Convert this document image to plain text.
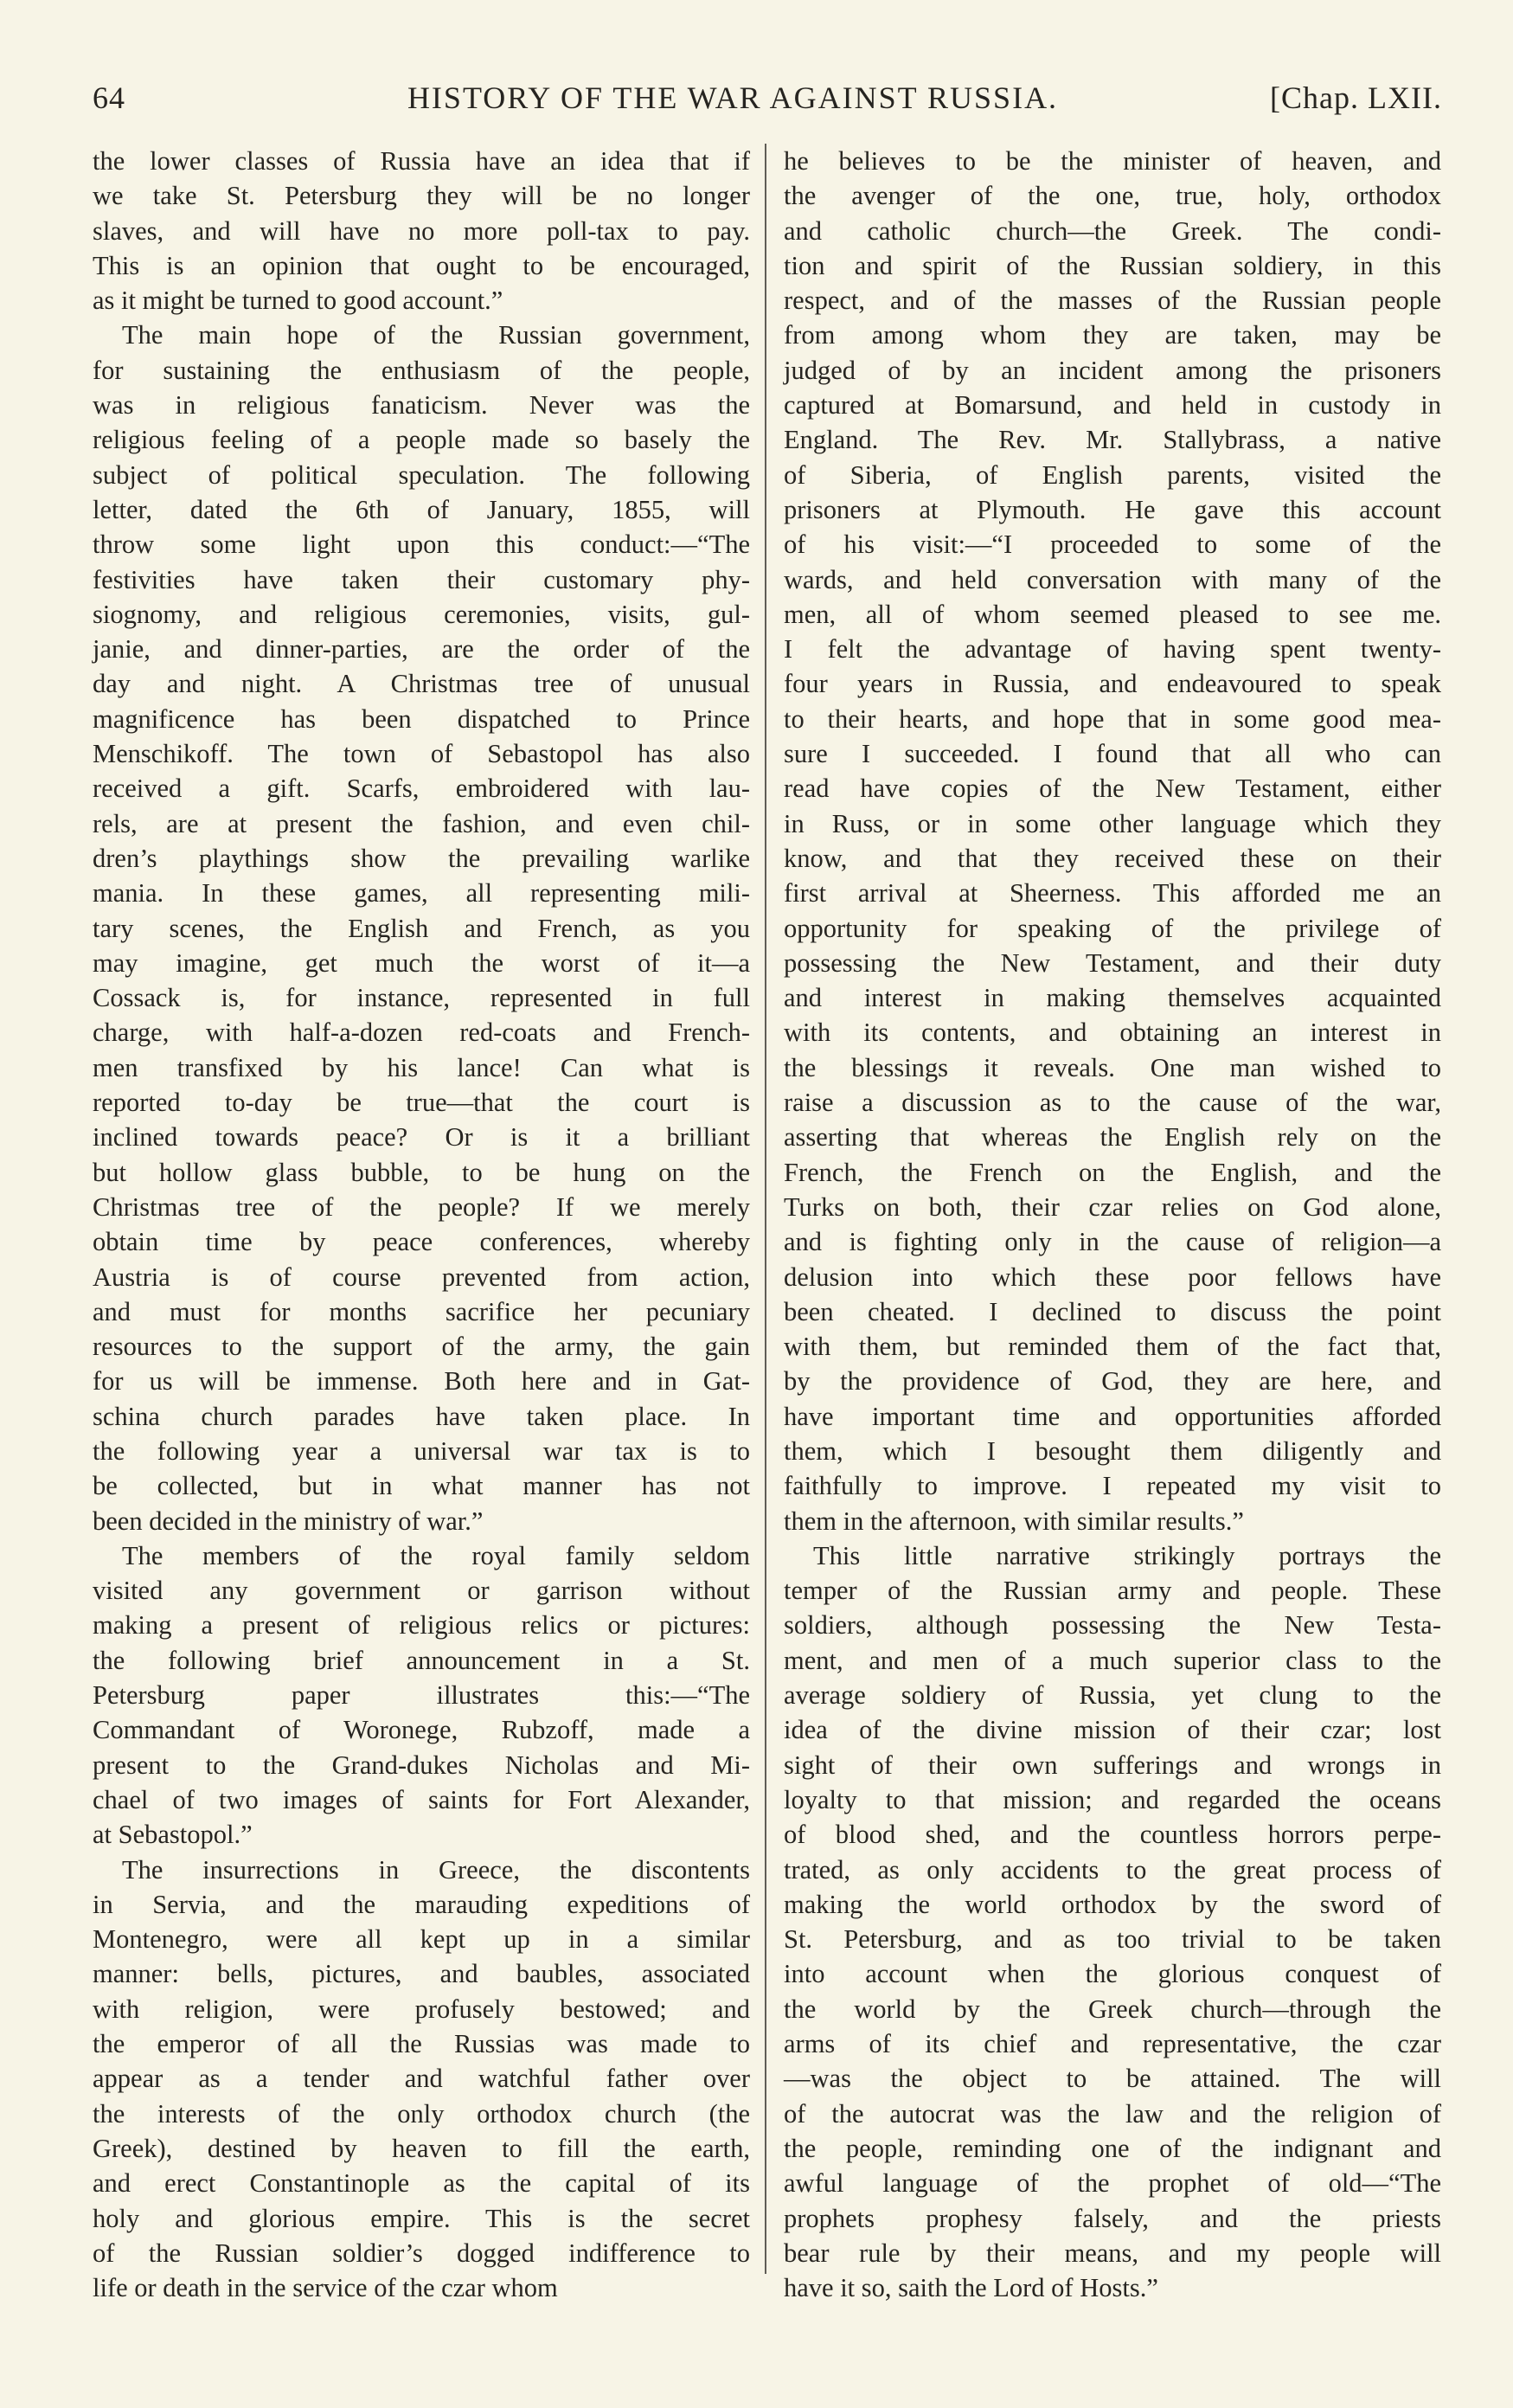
64	HISTORY OF THE WAR AGAINST RUSSIA.	[Chap. LXII.
the lower classes of Russia have an idea that if
we take St. Petersburg they will be no longer
slaves, and will have no more poll-tax to pay.
This is an opinion that ought to be encouraged,
as it might be turned to good account.”
The main hope of the Russian government,
for sustaining the enthusiasm of the people,
was in religious fanaticism. Never was the
religious feeling of a people made so basely the
subject of political speculation. The following
letter, dated the 6th of January, 1855, will
throw some light upon this conduct:—“The
festivities have taken their customary phy-
siognomy, and religious ceremonies, visits, gul-
janie, and dinner-parties, are the order of the
day and night. A Christmas tree of unusual
magnificence has been dispatched to Prince
Menschikoff. The town of Sebastopol has also
received a gift. Scarfs, embroidered with lau-
rels, are at present the fashion, and even chil-
dren’s playthings show the prevailing warlike
mania. In these games, all representing mili-
tary scenes, the English and French, as you
may imagine, get much the worst of it—a
Cossack is, for instance, represented in full
charge, with half-a-dozen red-coats and French-
men transfixed by his lance! Can what is
reported to-day be true—that the court is
inclined towards peace? Or is it a brilliant
but hollow glass bubble, to be hung on the
Christmas tree of the people? If we merely
obtain time by peace conferences, whereby
Austria is of course prevented from action,
and must for months sacrifice her pecuniary
resources to the support of the army, the gain
for us will be immense. Both here and in Gat-
schina church parades have taken place. In
the following year a universal war tax is to
be collected, but in what manner has not
been decided in the ministry of war.”
The members of the royal family seldom
visited any government or garrison without
making a present of religious relics or pictures:
the following brief announcement in a St.
Petersburg paper illustrates this:—“The
Commandant of Woronege, Rubzoff, made a
present to the Grand-dukes Nicholas and Mi-
chael of two images of saints for Fort Alexander,
at Sebastopol.”
The insurrections in Greece, the discontents
in Servia, and the marauding expeditions of
Montenegro, were all kept up in a similar
manner: bells, pictures, and baubles, associated
with religion, were profusely bestowed; and
the emperor of all the Russias was made to
appear as a tender and watchful father over
the interests of the only orthodox church (the
Greek), destined by heaven to fill the earth,
and erect Constantinople as the capital of its
holy and glorious empire. This is the secret
of the Russian soldier’s dogged indifference to
life or death in the service of the czar whom
he believes to be the minister of heaven, and
the avenger of the one, true, holy, orthodox
and catholic church—the Greek. The condi-
tion and spirit of the Russian soldiery, in this
respect, and of the masses of the Russian people
from among whom they are taken, may be
judged of by an incident among the prisoners
captured at Bomarsund, and held in custody in
England. The Rev. Mr. Stallybrass, a native
of Siberia, of English parents, visited the
prisoners at Plymouth. He gave this account
of his visit:—“I proceeded to some of the
wards, and held conversation with many of the
men, all of whom seemed pleased to see me.
I felt the advantage of having spent twenty-
four years in Russia, and endeavoured to speak
to their hearts, and hope that in some good mea-
sure I succeeded. I found that all who can
read have copies of the New Testament, either
in Russ, or in some other language which they
know, and that they received these on their
first arrival at Sheerness. This afforded me an
opportunity for speaking of the privilege of
possessing the New Testament, and their duty
and interest in making themselves acquainted
with its contents, and obtaining an interest in
the blessings it reveals. One man wished to
raise a discussion as to the cause of the war,
asserting that whereas the English rely on the
French, the French on the English, and the
Turks on both, their czar relies on God alone,
and is fighting only in the cause of religion—a
delusion into which these poor fellows have
been cheated. I declined to discuss the point
with them, but reminded them of the fact that,
by the providence of God, they are here, and
have important time and opportunities afforded
them, which I besought them diligently and
faithfully to improve. I repeated my visit to
them in the afternoon, with similar results.”
This little narrative strikingly portrays the
temper of the Russian army and people. These
soldiers, although possessing the New Testa-
ment, and men of a much superior class to the
average soldiery of Russia, yet clung to the
idea of the divine mission of their czar; lost
sight of their own sufferings and wrongs in
loyalty to that mission; and regarded the oceans
of blood shed, and the countless horrors perpe-
trated, as only accidents to the great process of
making the world orthodox by the sword of
St. Petersburg, and as too trivial to be taken
into account when the glorious conquest of
the world by the Greek church—through the
arms of its chief and representative, the czar
—was the object to be attained. The will
of the autocrat was the law and the religion of
the people, reminding one of the indignant and
awful language of the prophet of old—“The
prophets prophesy falsely, and the priests
bear rule by their means, and my people will
have it so, saith the Lord of Hosts.”
